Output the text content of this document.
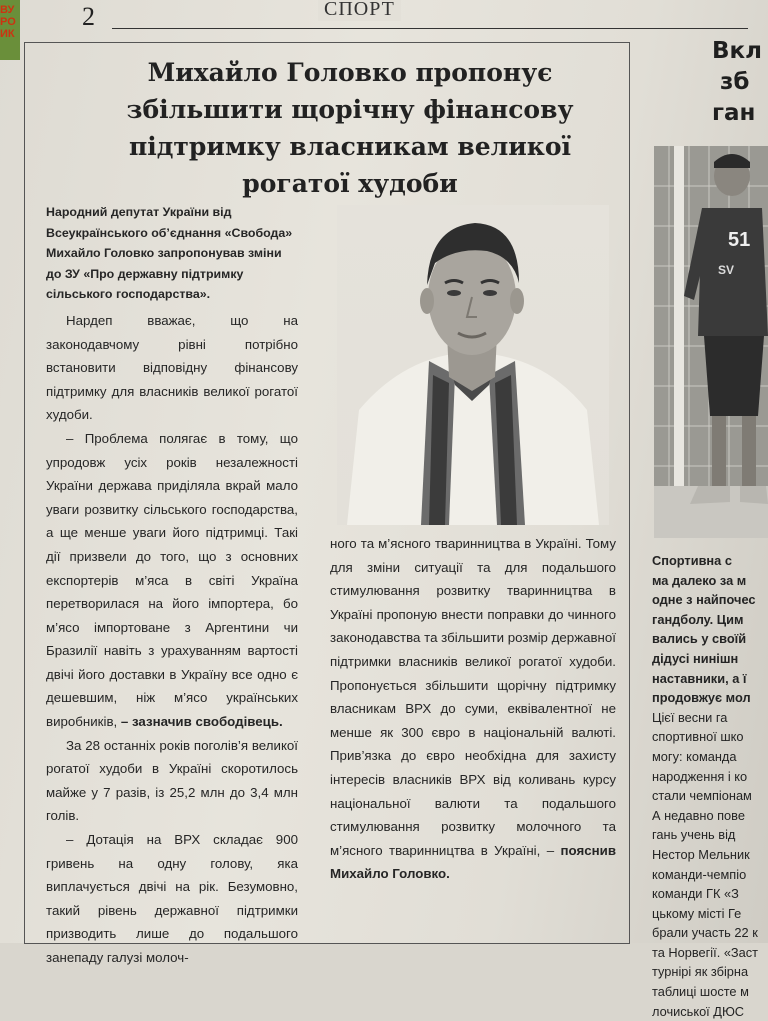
ВУ
РО
ИК
2	СПОРТ
Михайло Головко пропонує збільшити щорічну фінансову підтримку власникам великої рогатої худоби

Народний депутат України від Всеукраїнського об’єднання «Свобода» Михайло Головко запропонував зміни до ЗУ «Про державну підтримку сільського господарства».

Нардеп вважає, що на законодавчому рівні потрібно встановити відповідну фінансову підтримку для власників великої рогатої худоби.

– Проблема полягає в тому, що упродовж усіх років незалежності України держава приділяла вкрай мало уваги розвитку сільського господарства, а ще менше уваги його підтримці. Такі дії призвели до того, що з основних експортерів м’яса в світі Україна перетворилася на його імпортера, бо м’ясо імпортоване з Аргентини чи Бразилії навіть з урахуванням вартості двічі його доставки в Україну все одно є дешевшим, ніж м’ясо українських виробників, – зазначив свободівець.

За 28 останніх років поголів’я великої рогатої худоби в Україні скоротилось майже у 7 разів, із 25,2 млн до 3,4 млн голів.

– Дотація на ВРХ складає 900 гривень на одну голову, яка виплачується двічі на рік. Безумовно, такий рівень державної підтримки призводить лише до подальшого занепаду галузі молоч-

ного та м’ясного тваринництва в Україні. Тому для зміни ситуації та для подальшого стимулювання розвитку тваринництва в Україні пропоную внести поправки до чинного законодавства та збільшити розмір державної підтримки власників великої рогатої худоби. Пропонується збільшити щорічну підтримку власникам ВРХ до суми, еквівалентної не менше як 300 євро в національній валюті. Прив’язка до євро необхідна для захисту інтересів власників ВРХ від коливань курсу національної валюти та подальшого стимулювання розвитку молочного та м’ясного тваринництва в Україні, – пояснив Михайло Головко.

Вкл
зб
ган
51
SV

Спортивна с

ма далеко за м

одне з найпочес

гандболу. Цим

вались у своїй

дідусі нинішн

наставники, а ї

продовжує мол

Цієї весни га

спортивної шко

могу: команда

народження і ко

стали чемпіонам

А недавно пове

гань учень від

Нестор Мельник

команди-чемпіо

команди ГК «З

цькому місті Ге

брали участь 22 к

та Норвегії. «Заст

турнірі як збірна

таблиці шосте м

лочиської ДЮС
